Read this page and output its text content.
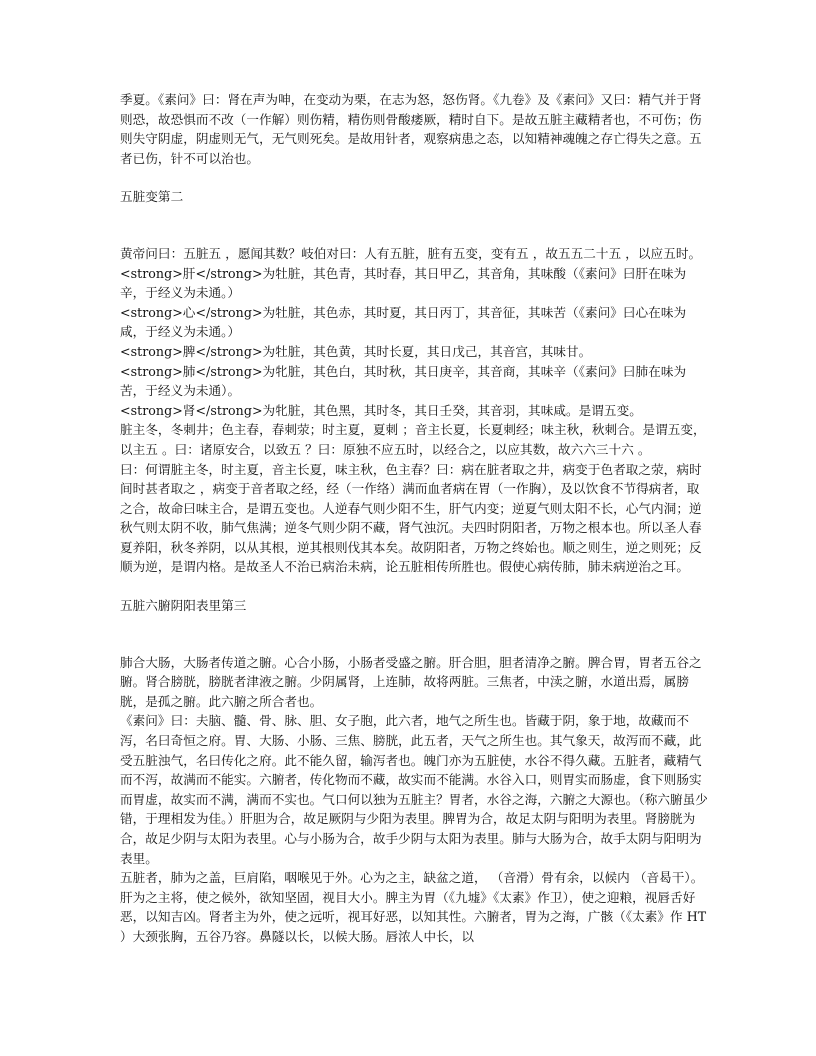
季夏。《素问》曰：肾在声为呻，在变动为栗，在志为怒，怒伤肾。《九卷》及《素问》又曰：精气并于肾则恐，故恐惧而不改（一作解）则伤精，精伤则骨酸痿厥，精时自下。是故五脏主藏精者也，不可伤；伤则失守阴虚，阴虚则无气，无气则死矣。是故用针者，观察病患之态，以知精神魂魄之存亡得失之意。五者已伤，针不可以治也。

五脏变第二

黄帝问曰：五脏五 ，愿闻其数？岐伯对曰：人有五脏，脏有五变，变有五 ，故五五二十五 ，以应五时。

<strong>肝</strong>为牡脏，其色青，其时春，其日甲乙，其音角，其味酸（《素问》曰肝在味为辛，于经义为未通。）

<strong>心</strong>为牡脏，其色赤，其时夏，其日丙丁，其音征，其味苦（《素问》曰心在味为咸，于经义为未通。）

<strong>脾</strong>为牡脏，其色黄，其时长夏，其日戊己，其音宫，其味甘。

<strong>肺</strong>为牝脏，其色白，其时秋，其日庚辛，其音商，其味辛（《素问》曰肺在味为苦，于经义为未通）。

<strong>肾</strong>为牝脏，其色黑，其时冬，其日壬癸，其音羽，其味咸。是谓五变。

脏主冬，冬刺井；色主春，春刺荥；时主夏，夏刺 ；音主长夏，长夏刺经；味主秋，秋刺合。是谓五变，以主五 。曰：诸原安合，以致五 ？曰：原独不应五时，以经合之，以应其数，故六六三十六 。

曰：何谓脏主冬，时主夏，音主长夏，味主秋，色主春？曰：病在脏者取之井，病变于色者取之荥，病时间时甚者取之 ，病变于音者取之经，经（一作络）满而血者病在胃（一作胸），及以饮食不节得病者，取之合，故命曰味主合，是谓五变也。人逆春气则少阳不生，肝气内变；逆夏气则太阳不长，心气内洞；逆秋气则太阴不收，肺气焦满；逆冬气则少阴不藏，肾气浊沉。夫四时阴阳者，万物之根本也。所以圣人春夏养阳，秋冬养阴，以从其根，逆其根则伐其本矣。故阴阳者，万物之终始也。顺之则生，逆之则死；反顺为逆，是谓内格。是故圣人不治已病治未病，论五脏相传所胜也。假使心病传肺，肺未病逆治之耳。

五脏六腑阴阳表里第三

肺合大肠，大肠者传道之腑。心合小肠，小肠者受盛之腑。肝合胆，胆者清净之腑。脾合胃，胃者五谷之腑。肾合膀胱，膀胱者津液之腑。少阴属肾，上连肺，故将两脏。三焦者，中渎之腑，水道出焉，属膀胱，是孤之腑。此六腑之所合者也。

《素问》曰：夫脑、髓、骨、脉、胆、女子胞，此六者，地气之所生也。皆藏于阴，象于地，故藏而不泻，名曰奇恒之府。胃、大肠、小肠、三焦、膀胱，此五者，天气之所生也。其气象天，故泻而不藏，此受五脏浊气，名曰传化之府。此不能久留，输泻者也。魄门亦为五脏使，水谷不得久藏。五脏者，藏精气而不泻，故满而不能实。六腑者，传化物而不藏，故实而不能满。水谷入口，则胃实而肠虚，食下则肠实而胃虚，故实而不满，满而不实也。气口何以独为五脏主？胃者，水谷之海，六腑之大源也。（称六腑虽少错，于理相发为佳。）肝胆为合，故足厥阴与少阳为表里。脾胃为合，故足太阴与阳明为表里。肾膀胱为合，故足少阴与太阳为表里。心与小肠为合，故手少阴与太阳为表里。肺与大肠为合，故手太阴与阳明为表里。

五脏者，肺为之盖，巨肩陷，咽喉见于外。心为之主，缺盆之道， （音滑）骨有余，以候内 （音曷干）。肝为之主将，使之候外，欲知坚固，视目大小。脾主为胃（《九墟》《太素》作卫），使之迎粮，视唇舌好恶，以知吉凶。肾者主为外，使之远听，视耳好恶，以知其性。六腑者，胃为之海，广骸（《太素》作 HT ）大颈张胸，五谷乃容。鼻隧以长，以候大肠。唇浓人中长，以
